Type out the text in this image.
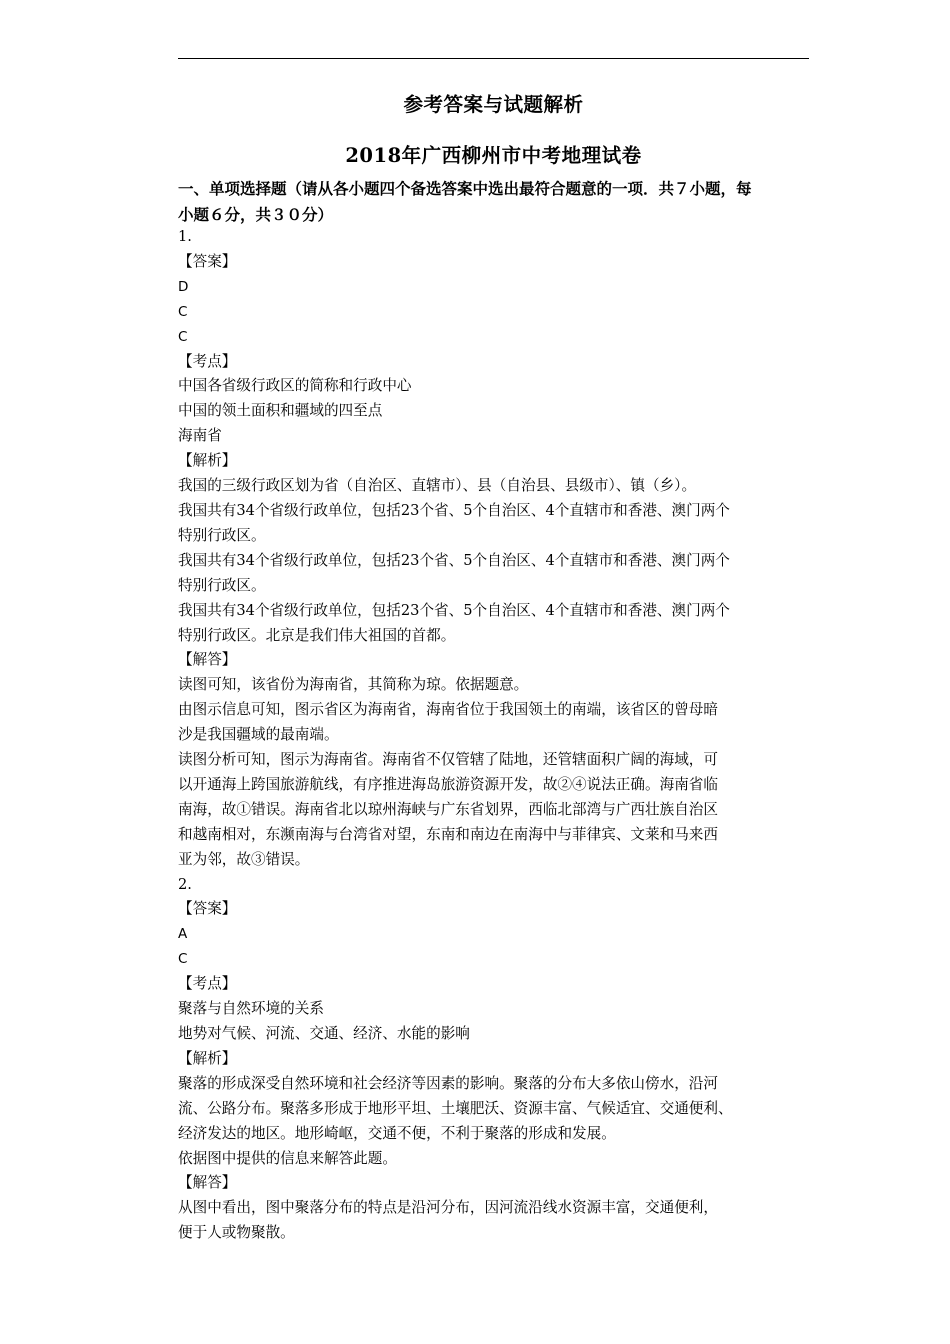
参考答案与试题解析
2018年广西柳州市中考地理试卷
一、单项选择题（请从各小题四个备选答案中选出最符合题意的一项．共７小题，每
小题６分，共３０分）

1.

【答案】

D

C

C

【考点】

中国各省级行政区的简称和行政中心

中国的领土面积和疆域的四至点

海南省

【解析】

我国的三级行政区划为省（自治区、直辖市）、县（自治县、县级市）、镇（乡）。

我国共有34个省级行政单位，包括23个省、5个自治区、4个直辖市和香港、澳门两个

特别行政区。

我国共有34个省级行政单位，包括23个省、5个自治区、4个直辖市和香港、澳门两个

特别行政区。

我国共有34个省级行政单位，包括23个省、5个自治区、4个直辖市和香港、澳门两个

特别行政区。北京是我们伟大祖国的首都。

【解答】

读图可知，该省份为海南省，其简称为琼。依据题意。

由图示信息可知，图示省区为海南省，海南省位于我国领土的南端，该省区的曾母暗

沙是我国疆域的最南端。

读图分析可知，图示为海南省。海南省不仅管辖了陆地，还管辖面积广阔的海域，可

以开通海上跨国旅游航线，有序推进海岛旅游资源开发，故②④说法正确。海南省临

南海，故①错误。海南省北以琼州海峡与广东省划界，西临北部湾与广西壮族自治区

和越南相对，东濒南海与台湾省对望，东南和南边在南海中与菲律宾、文莱和马来西

亚为邻，故③错误。

2.

【答案】

A

C

【考点】

聚落与自然环境的关系

地势对气候、河流、交通、经济、水能的影响

【解析】

聚落的形成深受自然环境和社会经济等因素的影响。聚落的分布大多依山傍水，沿河

流、公路分布。聚落多形成于地形平坦、土壤肥沃、资源丰富、气候适宜、交通便利、

经济发达的地区。地形崎岖，交通不便，不利于聚落的形成和发展。

依据图中提供的信息来解答此题。

【解答】

从图中看出，图中聚落分布的特点是沿河分布，因河流沿线水资源丰富，交通便利，

便于人或物聚散。
